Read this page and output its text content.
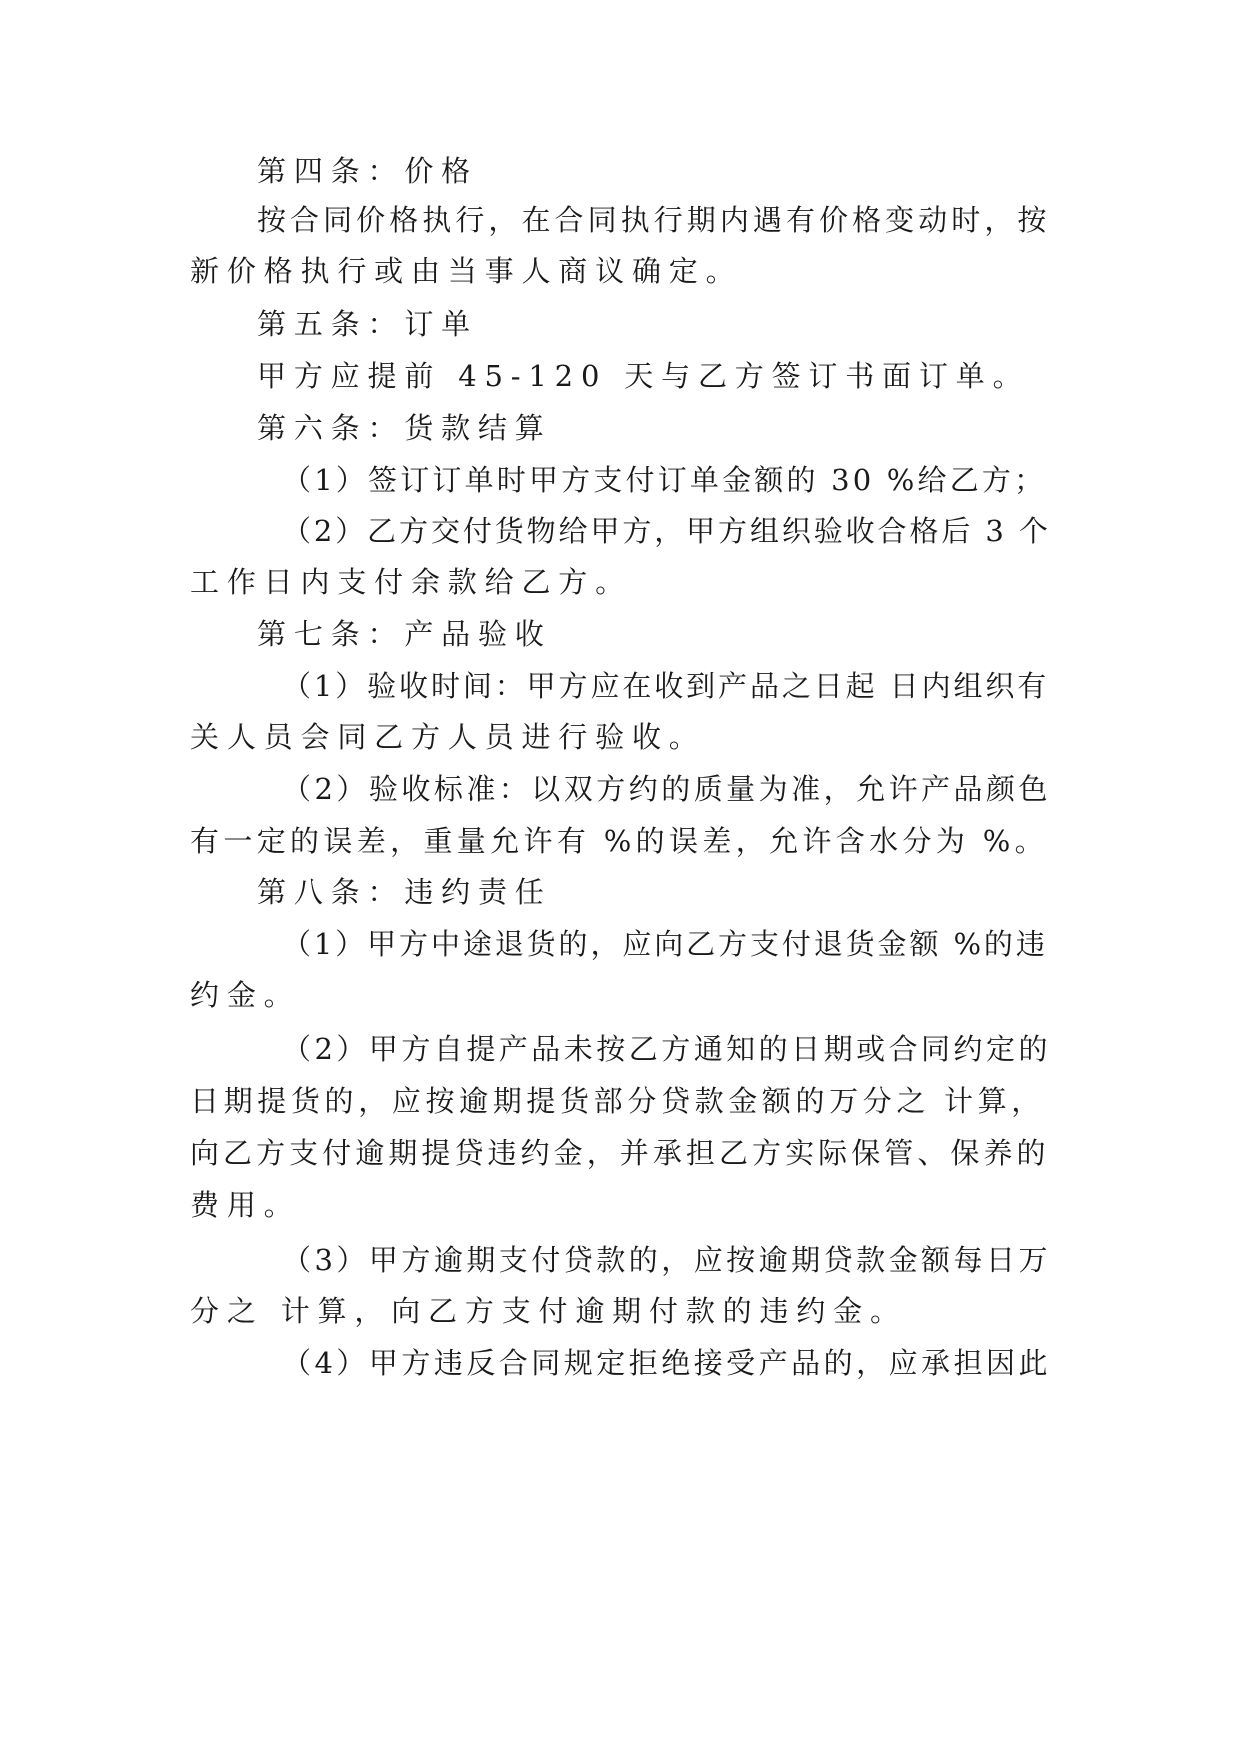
第四条：价格
按合同价格执行，在合同执行期内遇有价格变动时，按
新价格执行或由当事人商议确定。
第五条：订单
甲方应提前 45-120 天与乙方签订书面订单。
第六条：货款结算
（1）签订订单时甲方支付订单金额的 30 %给乙方；
（2）乙方交付货物给甲方，甲方组织验收合格后 3 个
工作日内支付余款给乙方。
第七条：产品验收
（1）验收时间：甲方应在收到产品之日起 日内组织有
关人员会同乙方人员进行验收。
（2）验收标准：以双方约的质量为准，允许产品颜色
有一定的误差，重量允许有 %的误差，允许含水分为 %。
第八条：违约责任
（1）甲方中途退货的，应向乙方支付退货金额 %的违
约金。
（2）甲方自提产品未按乙方通知的日期或合同约定的
日期提货的，应按逾期提货部分贷款金额的万分之 计算，
向乙方支付逾期提贷违约金，并承担乙方实际保管、保养的
费用。
（3）甲方逾期支付贷款的，应按逾期贷款金额每日万
分之 计算，向乙方支付逾期付款的违约金。
（4）甲方违反合同规定拒绝接受产品的，应承担因此
